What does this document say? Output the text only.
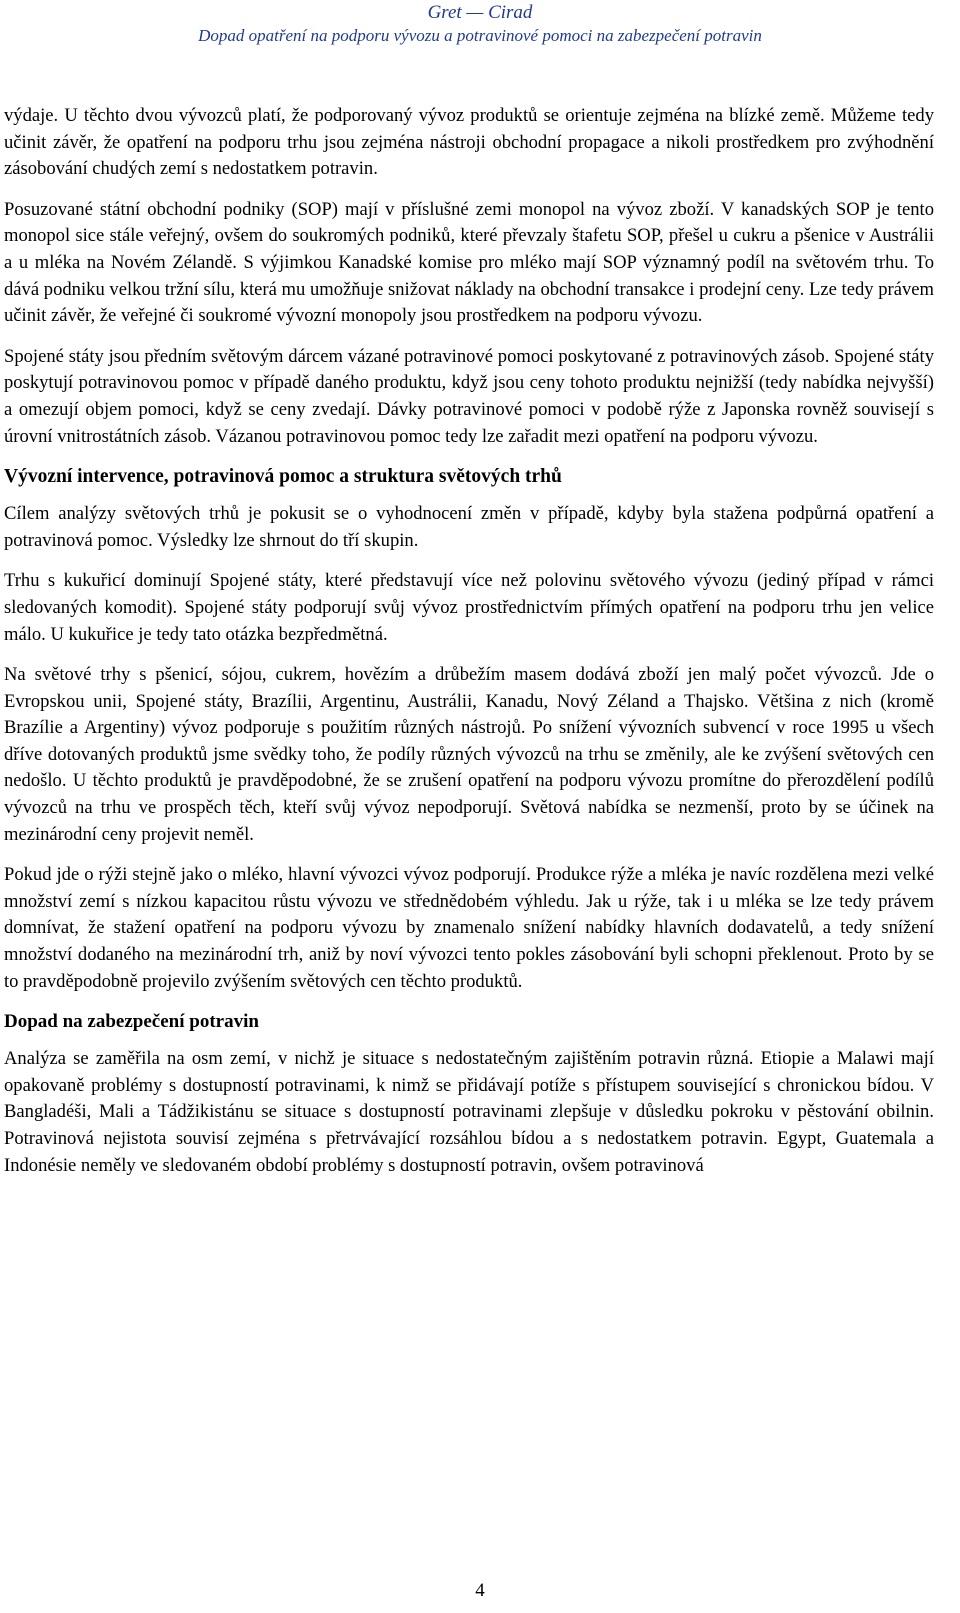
Gret — Cirad
Dopad opatření na podporu vývozu a potravinové pomoci na zabezpečení potravin

výdaje. U těchto dvou vývozců platí, že podporovaný vývoz produktů se orientuje zejména na blízké země. Můžeme tedy učinit závěr, že opatření na podporu trhu jsou zejména nástroji obchodní propagace a nikoli prostředkem pro zvýhodnění zásobování chudých zemí s nedostatkem potravin.

Posuzované státní obchodní podniky (SOP) mají v příslušné zemi monopol na vývoz zboží. V kanadských SOP je tento monopol sice stále veřejný, ovšem do soukromých podniků, které převzaly štafetu SOP, přešel u cukru a pšenice v Austrálii a u mléka na Novém Zélandě. S výjimkou Kanadské komise pro mléko mají SOP významný podíl na světovém trhu. To dává podniku velkou tržní sílu, která mu umožňuje snižovat náklady na obchodní transakce i prodejní ceny. Lze tedy právem učinit závěr, že veřejné či soukromé vývozní monopoly jsou prostředkem na podporu vývozu.

Spojené státy jsou předním světovým dárcem vázané potravinové pomoci poskytované z potravinových zásob. Spojené státy poskytují potravinovou pomoc v případě daného produktu, když jsou ceny tohoto produktu nejnižší (tedy nabídka nejvyšší) a omezují objem pomoci, když se ceny zvedají. Dávky potravinové pomoci v podobě rýže z Japonska rovněž souvisejí s úrovní vnitrostátních zásob. Vázanou potravinovou pomoc tedy lze zařadit mezi opatření na podporu vývozu.

Vývozní intervence, potravinová pomoc a struktura světových trhů

Cílem analýzy světových trhů je pokusit se o vyhodnocení změn v případě, kdyby byla stažena podpůrná opatření a potravinová pomoc. Výsledky lze shrnout do tří skupin.

Trhu s kukuřicí dominují Spojené státy, které představují více než polovinu světového vývozu (jediný případ v rámci sledovaných komodit). Spojené státy podporují svůj vývoz prostřednictvím přímých opatření na podporu trhu jen velice málo. U kukuřice je tedy tato otázka bezpředmětná.

Na světové trhy s pšenicí, sójou, cukrem, hovězím a drůbežím masem dodává zboží jen malý počet vývozců. Jde o Evropskou unii, Spojené státy, Brazílii, Argentinu, Austrálii, Kanadu, Nový Zéland a Thajsko. Většina z nich (kromě Brazílie a Argentiny) vývoz podporuje s použitím různých nástrojů. Po snížení vývozních subvencí v roce 1995 u všech dříve dotovaných produktů jsme svědky toho, že podíly různých vývozců na trhu se změnily, ale ke zvýšení světových cen nedošlo. U těchto produktů je pravděpodobné, že se zrušení opatření na podporu vývozu promítne do přerozdělení podílů vývozců na trhu ve prospěch těch, kteří svůj vývoz nepodporují. Světová nabídka se nezmenší, proto by se účinek na mezinárodní ceny projevit neměl.

Pokud jde o rýži stejně jako o mléko, hlavní vývozci vývoz podporují. Produkce rýže a mléka je navíc rozdělena mezi velké množství zemí s nízkou kapacitou růstu vývozu ve střednědobém výhledu. Jak u rýže, tak i u mléka se lze tedy právem domnívat, že stažení opatření na podporu vývozu by znamenalo snížení nabídky hlavních dodavatelů, a tedy snížení množství dodaného na mezinárodní trh, aniž by noví vývozci tento pokles zásobování byli schopni překlenout. Proto by se to pravděpodobně projevilo zvýšením světových cen těchto produktů.

Dopad na zabezpečení potravin

Analýza se zaměřila na osm zemí, v nichž je situace s nedostatečným zajištěním potravin různá. Etiopie a Malawi mají opakovaně problémy s dostupností potravinami, k nimž se přidávají potíže s přístupem související s chronickou bídou. V Bangladéši, Mali a Tádžikistánu se situace s dostupností potravinami zlepšuje v důsledku pokroku v pěstování obilnin. Potravinová nejistota souvisí zejména s přetrvávající rozsáhlou bídou a s nedostatkem potravin. Egypt, Guatemala a Indonésie neměly ve sledovaném období problémy s dostupností potravin, ovšem potravinová

4
